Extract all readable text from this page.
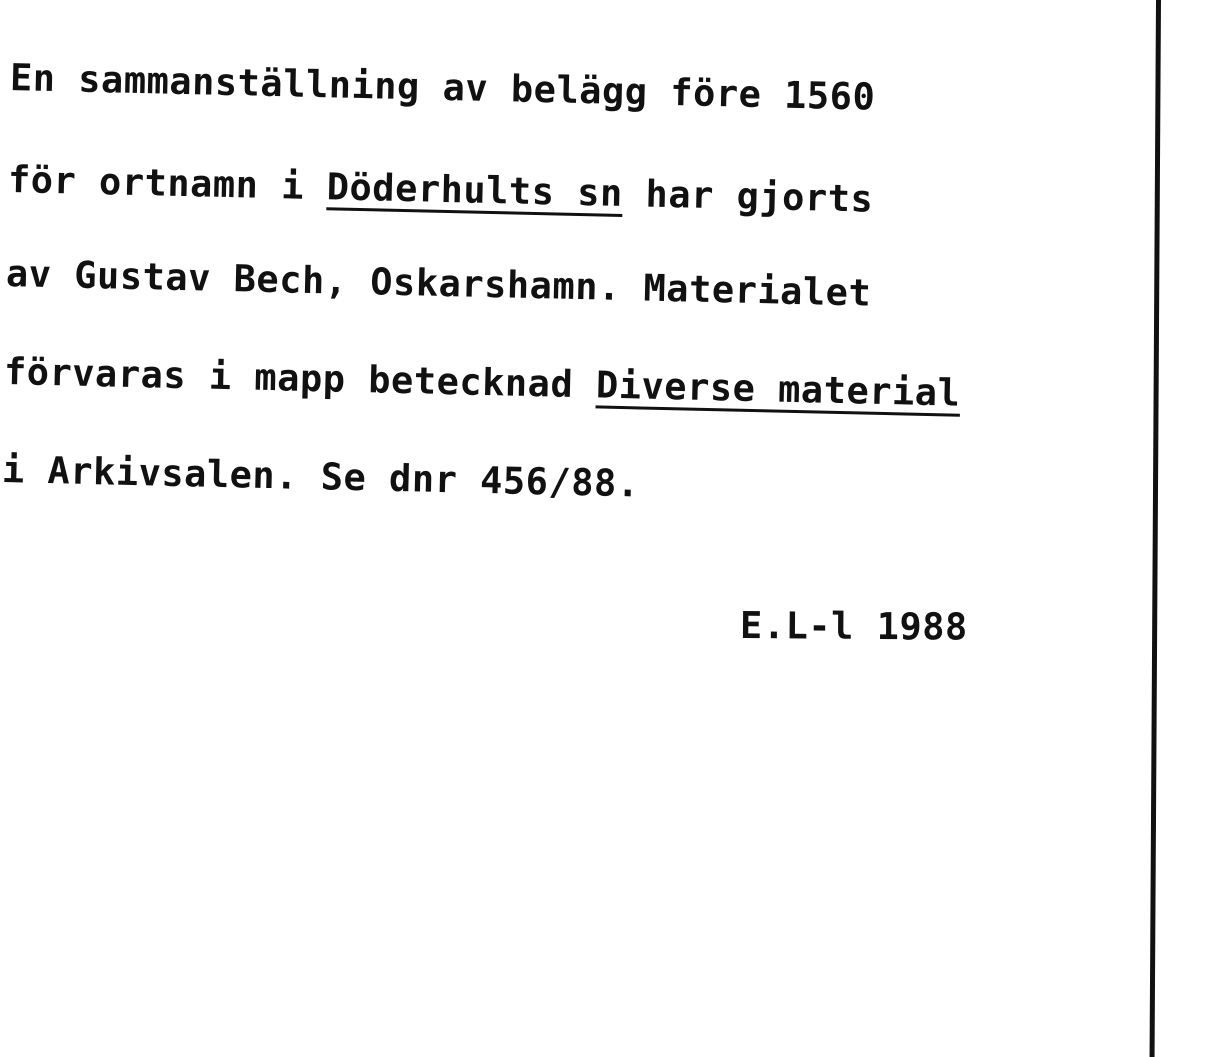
En sammanställning av belägg före 1560
för ortnamn i Döderhults sn har gjorts
av Gustav Bech, Oskarshamn. Materialet
förvaras i mapp betecknad Diverse material
i Arkivsalen. Se dnr 456/88.
E.L-l 1988
